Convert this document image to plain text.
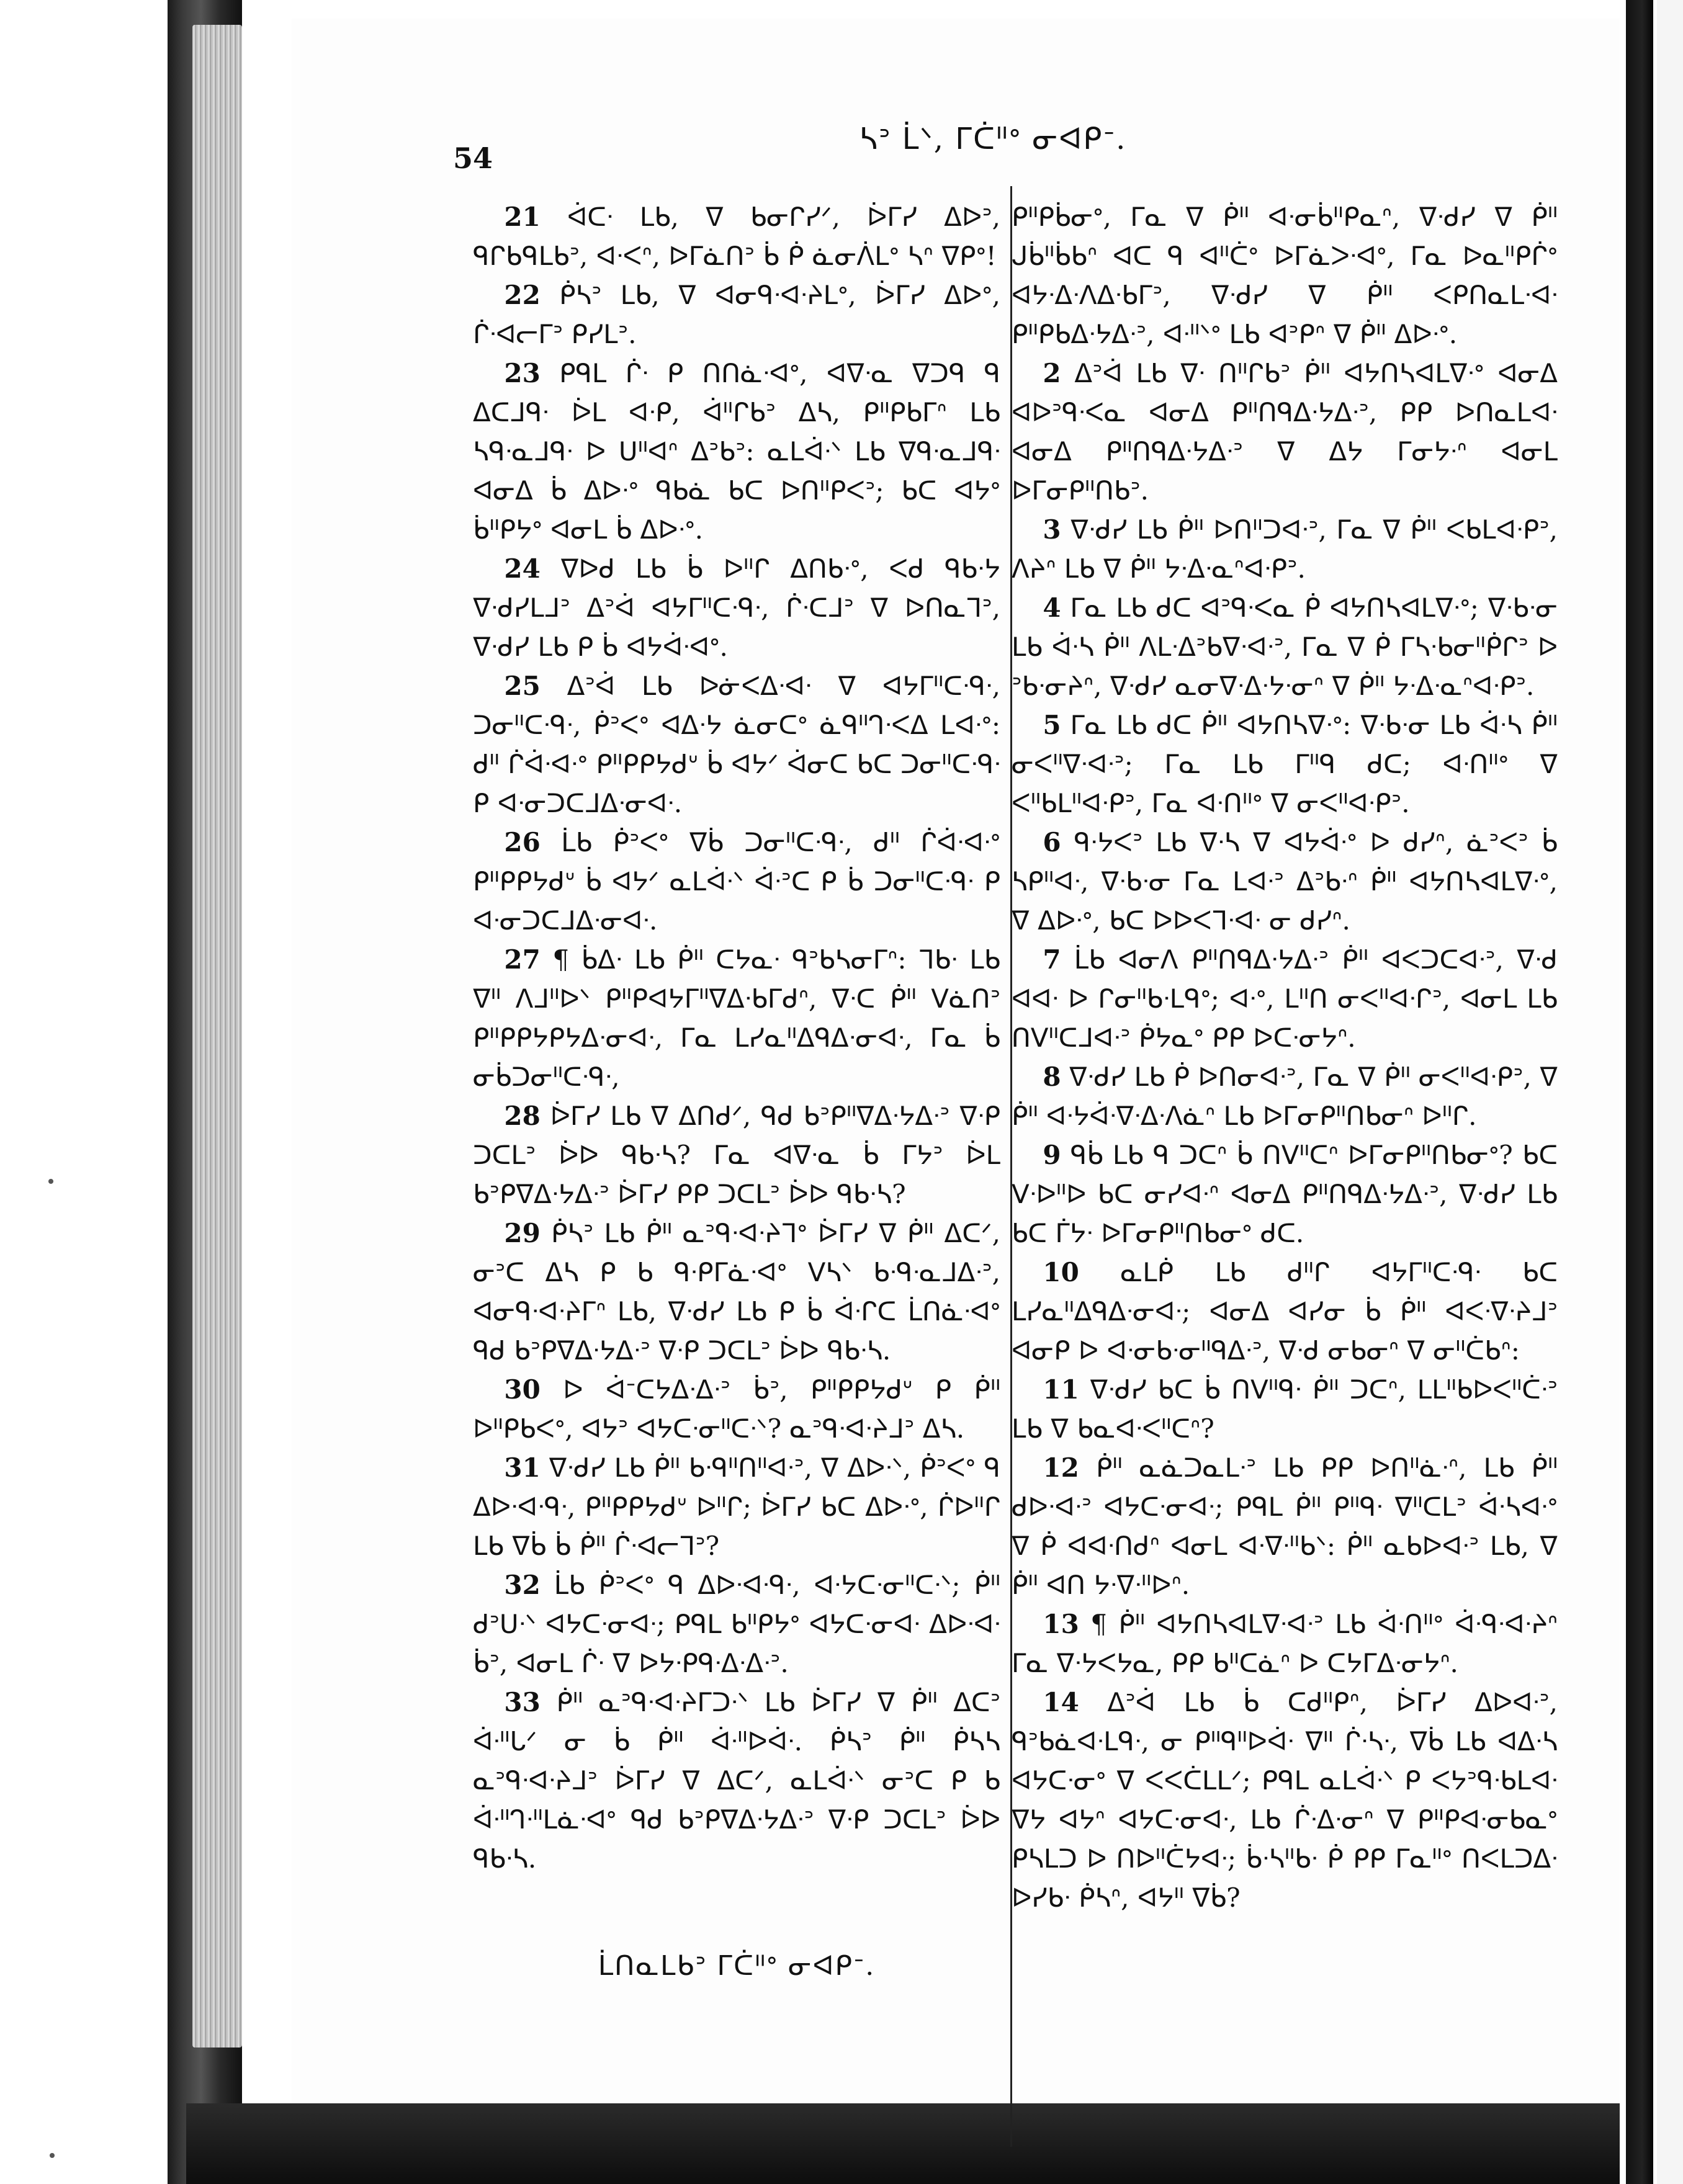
54
ᓴᐣ ᒫᐠ, ᒥᑖᐦᐤ ᓂᐊᑭᐨ.

21 ᐋᑕᐧ ᒪᑲ, ᐁ ᑲᓂᒋᓯᐟ, ᐆᒥᓯ ᐃᐅᐣ, ᑫᒋᑲᑫᒪᑲᐣ, ᐊᐧᐸᐢ, ᐅᒥᓈᑎᐣ ᑳ ᑮ ᓈᓂᐲᒪᐤ ᓴᐢ ᐁᑭᐤ!

22 ᑮᓴᐣ ᒪᑲ, ᐁ ᐊᓂᑫᐧᐊᐧᔨᒪᐤ, ᐆᒥᓯ ᐃᐅᐤ, ᒌᐧᐊᓕᒥᐣ ᑭᓯᒪᐣ.

23 ᑭᑫᒪ ᒌᐧ ᑭ ᑎᑎᓈᐧᐊᐤ, ᐊᐁᐧᓇ ᐁᑐᑫ ᑫ ᐃᑕᒧᑫᐧ ᐆᒪ ᐊᐧᑭ, ᐋᐦᒋᑲᐣ ᐃᓴ, ᑭᐦᑭᑲᒥᐢ ᒪᑲ ᓴᑫᐧᓇᒧᑫᐧ ᐅ ᑌᐦᐊᐢ ᐃᐣᑲᐣ: ᓇᒪᐋᐧᐠ ᒪᑲ ᐁᑫᐧᓇᒧᑫᐧ ᐊᓂᐃ ᑳ ᐃᐅᐧᐤ ᑫᑲᓈ ᑲᑕ ᐅᑎᐦᑭᐸᐣ; ᑲᑕ ᐊᔭᐤ ᑳᐦᑭᔭᐤ ᐊᓂᒪ ᑳ ᐃᐅᐧᐤ.

24 ᐁᐅᑯ ᒪᑲ ᑳ ᐅᐦᒋ ᐃᑎᑲᐧᐤ, ᐸᑯ ᑫᑲᐧᔭ ᐁᐧᑯᓯᒪᒧᐣ ᐃᐣᐋ ᐊᔭᒥᐦᑕᐧᑫᐧ, ᒌᐧᑕᒧᐣ ᐁ ᐅᑎᓇᒣᐣ, ᐁᐧᑯᓯ ᒪᑲ ᑭ ᑳ ᐊᔭᐋᐧᐊᐤ.

25 ᐃᐣᐋ ᒪᑲ ᐅᓃᐸᐃᐧᐊᐧ ᐁ ᐊᔭᒥᐦᑕᐧᑫᐧ, ᑐᓂᐦᑕᐧᑫᐧ, ᑮᐣᐸᐤ ᐊᐃᐧᔭ ᓈᓂᑕᐤ ᓈᑫᐦᒉᐧᐸᐃ ᒪᐊᐧᐤ: ᑯᐦ ᒌᐋᐧᐊᐧᐤ ᑭᐦᑭᑭᔭᑯᐡ ᑳ ᐊᔭᐟ ᐋᓂᑕ ᑲᑕ ᑐᓂᐦᑕᐧᑫᐧ ᑭ ᐊᐧᓂᑐᑕᒧᐃᐧᓂᐊᐧ.

26 ᒫᑲ ᑮᐣᐸᐤ ᐁᑳ ᑐᓂᐦᑕᐧᑫᐧ, ᑯᐦ ᒌᐋᐧᐊᐧᐤ ᑭᐦᑭᑭᔭᑯᐡ ᑳ ᐊᔭᐟ ᓇᒪᐋᐧᐠ ᐋᐧᐣᑕ ᑭ ᑳ ᑐᓂᐦᑕᐧᑫᐧ ᑭ ᐊᐧᓂᑐᑕᒧᐃᐧᓂᐊᐧ.

27 ¶ ᑳᐃᐧ ᒪᑲ ᑮᐦ ᑕᔭᓇᐧ ᑫᐣᑲᓴᓂᒥᐢ: ᒣᑲᐧ ᒪᑲ ᐁᐦ ᐱᒧᐦᐅᐠ ᑭᐦᑭᐊᔭᒥᐦᐁᐃᐧᑲᒥᑯᐢ, ᐁᐧᑕ ᑮᐦ ᐯᓈᑎᐣ ᑭᐦᑭᑭᔭᑭᔭᐃᐧᓂᐊᐧ, ᒥᓇ ᒪᓯᓇᐦᐃᑫᐃᐧᓂᐊᐧ, ᒥᓇ ᑳ ᓂᑳᑐᓂᐦᑕᐧᑫᐧ,

28 ᐆᒥᓯ ᒪᑲ ᐁ ᐃᑎᑯᐟ, ᑫᑯ ᑲᐣᑭᐦᐁᐃᐧᔭᐃᐧᐣ ᐁᐧᑭ ᑐᑕᒪᐣ ᐆᐅ ᑫᑲᐧᓴ? ᒥᓇ ᐊᐁᐧᓇ ᑳ ᒥᔭᐣ ᐆᒪ ᑲᐣᑭᐁᐃᐧᔭᐃᐧᐣ ᐆᒥᓯ ᑭᑭ ᑐᑕᒪᐣ ᐆᐅ ᑫᑲᐧᓴ?

29 ᑮᓴᐣ ᒪᑲ ᑮᐦ ᓇᐣᑫᐧᐊᐧᔨᒣᐤ ᐆᒥᓯ ᐁ ᑮᐦ ᐃᑕᐟ, ᓂᐣᑕ ᐃᓴ ᑭ ᑲ ᑫᐧᑭᒥᓈᐧᐊᐤ ᐯᓴᐠ ᑲᐧᑫᐧᓇᒧᐃᐧᐣ, ᐊᓂᑫᐧᐊᐧᔨᒥᐢ ᒪᑲ, ᐁᐧᑯᓯ ᒪᑲ ᑭ ᑳ ᐋᐧᒋᑕ ᒫᑎᓈᐧᐊᐤ ᑫᑯ ᑲᐣᑭᐁᐃᐧᔭᐃᐧᐣ ᐁᐧᑭ ᑐᑕᒪᐣ ᐆᐅ ᑫᑲᐧᓴ.

30 ᐅ ᐋᐨᑕᔭᐃᐧᐃᐧᐣ ᑳᐣ, ᑭᐦᑭᑭᔭᑯᐡ ᑭ ᑮᐦ ᐅᐦᑭᑲᐸᐤ, ᐊᔭᐣ ᐊᔭᑕᐧᓂᐦᑕᐧᐠ? ᓇᐣᑫᐧᐊᐧᔨᒧᐣ ᐃᓴ.

31 ᐁᐧᑯᓯ ᒪᑲ ᑮᐦ ᑲᐧᑫᐦᑎᐦᐊᐧᐣ, ᐁ ᐃᐅᐧᐠ, ᑮᐣᐸᐤ ᑫ ᐃᐅᐧᐊᐧᑫᐧ, ᑭᐦᑭᑭᔭᑯᐡ ᐅᐦᒋ; ᐆᒥᓯ ᑲᑕ ᐃᐅᐧᐤ, ᒌᐅᐦᒋ ᒪᑲ ᐁᑳ ᑳ ᑮᐦ ᒌᐧᐊᓕᒣᐣ?

32 ᒫᑲ ᑮᐣᐸᐤ ᑫ ᐃᐅᐧᐊᐧᑫᐧ, ᐊᐧᔭᑕᐧᓂᐦᑕᐧᐠ; ᑮᐦ ᑯᐣᑌᐧᐠ ᐊᔭᑕᐧᓂᐊᐧ; ᑭᑫᒪ ᑲᐦᑭᔭᐤ ᐊᔭᑕᐧᓂᐊᐧ ᐃᐅᐧᐊᐧ ᑳᐣ, ᐊᓂᒪ ᒌᐧ ᐁ ᐅᔭᐧᑭᑫᐧᐃᐧᐃᐧᐣ.

33 ᑮᐦ ᓇᐣᑫᐧᐊᐧᔨᒥᑐᐧᐠ ᒪᑲ ᐆᒥᓯ ᐁ ᑮᐦ ᐃᑕᐣ ᐋᐧᐦᒐᐟ ᓂ ᑳ ᑮᐦ ᐋᐧᐦᐅᐋᐧ. ᑮᓴᐣ ᑮᐦ ᑮᓴᓴ ᓇᐣᑫᐧᐊᐧᔨᒧᐣ ᐆᒥᓯ ᐁ ᐃᑕᐟ, ᓇᒪᐋᐧᐠ ᓂᐣᑕ ᑭ ᑲ ᐋᐧᐦᒉᐧᐦᒪᓈᐧᐊᐤ ᑫᑯ ᑲᐣᑭᐁᐃᐧᔭᐃᐧᐣ ᐁᐧᑭ ᑐᑕᒪᐣ ᐆᐅ ᑫᑲᐧᓴ.

ᒫᑎᓇᒪᑲᐣ ᒥᑖᐦᐤ ᓂᐊᑭᐨ.

ᑭᐦᑭᑳᓂᐤ, ᒥᓇ ᐁ ᑮᐦ ᐊᐧᓂᑳᐦᑭᓇᐢ, ᐁᐧᑯᓯ ᐁ ᑮᐦ ᒍᑳᐦᑳᑲᐢ ᐊᑕ ᑫ ᐊᐦᑖᐤ ᐅᒥᓈᐳᐧᐊᐤ, ᒥᓇ ᐅᓇᐦᑭᒌᐤ ᐊᔭᐧᐃᐧᐱᐃᐧᑲᒥᐣ, ᐁᐧᑯᓯ ᐁ ᑮᐦ ᐸᑭᑎᓇᒪᐧᐊᐧ ᑭᐦᑭᑲᐃᐧᔭᐃᐧᐣ, ᐊᐧᐦᐠᐤ ᒪᑲ ᐊᐣᑭᐢ ᐁ ᑮᐦ ᐃᐅᐧᐤ.

2 ᐃᐣᐋ ᒪᑲ ᐁᐧ ᑎᐦᒋᑲᐣ ᑮᐦ ᐊᔭᑎᓴᐊᒪᐁᐧᐤ ᐊᓂᐃ ᐊᐅᐣᑫᐧᐸᓇ ᐊᓂᐃ ᑭᐦᑎᑫᐃᐧᔭᐃᐧᐣ, ᑭᑭ ᐅᑎᓇᒪᐊᐧ ᐊᓂᐃ ᑭᐦᑎᑫᐃᐧᔭᐃᐧᐣ ᐁ ᐃᔭ ᒥᓂᔭᐧᐢ ᐊᓂᒪ ᐅᒥᓂᑭᐦᑎᑲᐣ.

3 ᐁᐧᑯᓯ ᒪᑲ ᑮᐦ ᐅᑎᐦᑐᐊᐧᐣ, ᒥᓇ ᐁ ᑮᐦ ᐸᑲᒪᐊᐧᑭᐣ, ᐱᔨᐢ ᒪᑲ ᐁ ᑮᐦ ᔭᐧᐃᐧᓇᐢᐊᐧᑭᐣ.

4 ᒥᓇ ᒪᑲ ᑯᑕ ᐊᐣᑫᐧᐸᓇ ᑮ ᐊᔭᑎᓴᐊᒪᐁᐧᐤ; ᐁᐧᑲᐧᓂ ᒪᑲ ᐋᐧᓴ ᑮᐦ ᐱᒪᐧᐃᐣᑲᐁᐧᐊᐧᐣ, ᒥᓇ ᐁ ᑮ ᒥᓴᐧᑲᓂᐦᑮᒋᐣ ᐅ ᐣᑲᐧᓂᔨᐢ, ᐁᐧᑯᓯ ᓇᓂᐁᐧᐃᐧᔭᐧᓂᐢ ᐁ ᑮᐦ ᔭᐧᐃᐧᓇᐢᐊᐧᑭᐣ.

5 ᒥᓇ ᒪᑲ ᑯᑕ ᑮᐦ ᐊᔭᑎᓴᐁᐧᐤ: ᐁᐧᑲᐧᓂ ᒪᑲ ᐋᐧᓴ ᑮᐦ ᓂᐸᐦᐁᐧᐊᐧᐣ; ᒥᓇ ᒪᑲ ᒥᐦᑫ ᑯᑕ; ᐊᐧᑎᐦᐤ ᐁ ᐸᐦᑲᒪᐦᐊᐧᑭᐣ, ᒥᓇ ᐊᐧᑎᐦᐤ ᐁ ᓂᐸᐦᐊᐧᑭᐣ.

6 ᑫᐧᔭᐸᐣ ᒪᑲ ᐁᐧᓴ ᐁ ᐊᔭᐋᐧᐤ ᐅ ᑯᓯᐢ, ᓈᐣᐸᐣ ᑳ ᓴᑭᐦᐊᐧ, ᐁᐧᑲᐧᓂ ᒥᓇ ᒪᐊᐧᐣ ᐃᐣᑲᐧᐢ ᑮᐦ ᐊᔭᑎᓴᐊᒪᐁᐧᐤ, ᐁ ᐃᐅᐧᐤ, ᑲᑕ ᐅᐅᐸᒣᐧᐊᐧ ᓂ ᑯᓯᐢ.

7 ᒫᑲ ᐊᓂᐱ ᑭᐦᑎᑫᐃᐧᔭᐃᐧᐣ ᑮᐦ ᐊᐸᑐᑕᐊᐧᐣ, ᐁᐧᑯ ᐊᐊᐧ ᐅ ᒋᓂᐦᑲᐧᒪᑫᐤ; ᐊᐧᐤ, ᒪᐦᑎ ᓂᐸᐦᐊᐧᒋᐣ, ᐊᓂᒪ ᒪᑲ ᑎᐯᐦᑕᒧᐊᐧᐣ ᑮᔭᓇᐤ ᑭᑭ ᐅᑕᐧᓂᔭᐢ.

8 ᐁᐧᑯᓯ ᒪᑲ ᑮ ᐅᑎᓂᐊᐧᐣ, ᒥᓇ ᐁ ᑮᐦ ᓂᐸᐦᐊᐧᑭᐣ, ᐁ ᑮᐦ ᐊᐧᔭᐋᐧᐁᐧᐃᐧᐱᓈᐢ ᒪᑲ ᐅᒥᓂᑭᐦᑎᑲᓂᐢ ᐅᐦᒋ.

9 ᑫᑳ ᒪᑲ ᑫ ᑐᑕᐢ ᑳ ᑎᐯᐦᑕᐢ ᐅᒥᓂᑭᐦᑎᑲᓂᐤ? ᑲᑕ ᐯᐧᐅᐦᐅ ᑲᑕ ᓂᓯᐊᐧᐢ ᐊᓂᐃ ᑭᐦᑎᑫᐃᐧᔭᐃᐧᐣ, ᐁᐧᑯᓯ ᒪᑲ ᑲᑕ ᒦᔭᐧ ᐅᒥᓂᑭᐦᑎᑲᓂᐤ ᑯᑕ.

10 ᓇᒪᑮ ᒪᑲ ᑯᐦᒋ ᐊᔭᒥᐦᑕᐧᑫᐧ ᑲᑕ ᒪᓯᓇᐦᐃᑫᐃᐧᓂᐊᐧ; ᐊᓂᐃ ᐊᓯᓂ ᑳ ᑮᐦ ᐊᐸᐧᐁᐧᔨᒧᐣ ᐊᓂᑭ ᐅ ᐊᐧᓂᑲᐧᓂᐦᑫᐃᐧᐣ, ᐁᐧᑯ ᓂᑲᓂᐢ ᐁ ᓂᐦᑖᑲᐢ:

11 ᐁᐧᑯᓯ ᑲᑕ ᑳ ᑎᐯᐦᑫᐧ ᑮᐦ ᑐᑕᐢ, ᒪᒪᐦᑲᐅᐸᐦᑖᐧᐣ ᒪᑲ ᐁ ᑲᓇᐊᐧᐸᐦᑕᐢ?

12 ᑮᐦ ᓇᓈᑐᓇᒪᐧᐣ ᒪᑲ ᑭᑭ ᐅᑎᐦᓈᐧᐢ, ᒪᑲ ᑮᐦ ᑯᐅᐧᐊᐧᐣ ᐊᔭᑕᐧᓂᐊᐧ; ᑭᑫᒪ ᑮᐦ ᑭᐦᑫᐧ ᐁᐦᑕᒪᐣ ᐋᐧᓴᐊᐧᐤ ᐁ ᑮ ᐊᐊᐧᑎᑯᐢ ᐊᓂᒪ ᐊᐧᐁᐧᐦᑲᐠ: ᑮᐦ ᓇᑲᐅᐊᐧᐣ ᒪᑲ, ᐁ ᑮᐦ ᐊᑎ ᔭᐧᐁᐧᐦᐅᐢ.

13 ¶ ᑮᐦ ᐊᔭᑎᓴᐊᒪᐁᐧᐊᐧᐣ ᒪᑲ ᐋᐧᑎᐦᐤ ᐋᐧᑫᐧᐊᐧᔨᐢ ᒥᓇ ᐁᐧᔭᐸᔭᓇ, ᑭᑭ ᑲᐦᑕᓈᐢ ᐅ ᑕᔭᒥᐃᐧᓂᔭᐢ.

14 ᐃᐣᐋ ᒪᑲ ᑳ ᑕᑯᐦᑭᐢ, ᐆᒥᓯ ᐃᐅᐊᐧᐣ, ᑫᐣᑲᓈᐊᐧᒪᑫᐧ, ᓂ ᑭᐦᑫᐦᐅᐋᐧ ᐁᐦ ᒌᐧᓴᐧ, ᐁᑳ ᒪᑲ ᐊᐃᐧᓴ ᐊᔭᑕᐧᓂᐤ ᐁ ᐸᐸᑖᒪᒪᐟ; ᑭᑫᒪ ᓇᒪᐋᐧᐠ ᑭ ᐸᔭᐣᑫᐧᑲᒪᐊᐧ ᐁᔭ ᐊᔭᐢ ᐊᔭᑕᐧᓂᐊᐧ, ᒪᑲ ᒌᐧᐃᐧᓂᐢ ᐁ ᑭᐦᑭᐊᐧᓂᑲᓇᐤ ᑭᓴᒪᑐ ᐅ ᑎᐅᐦᑖᔭᐊᐧ; ᑳᐧᓴᐦᑲᐧ ᑮ ᑭᑭ ᒥᓇᐦᐤ ᑎᐸᒪᑐᐃᐧ ᐅᓯᑲᐧ ᑮᓴᐢ, ᐊᔭᐦ ᐁᑳ?
